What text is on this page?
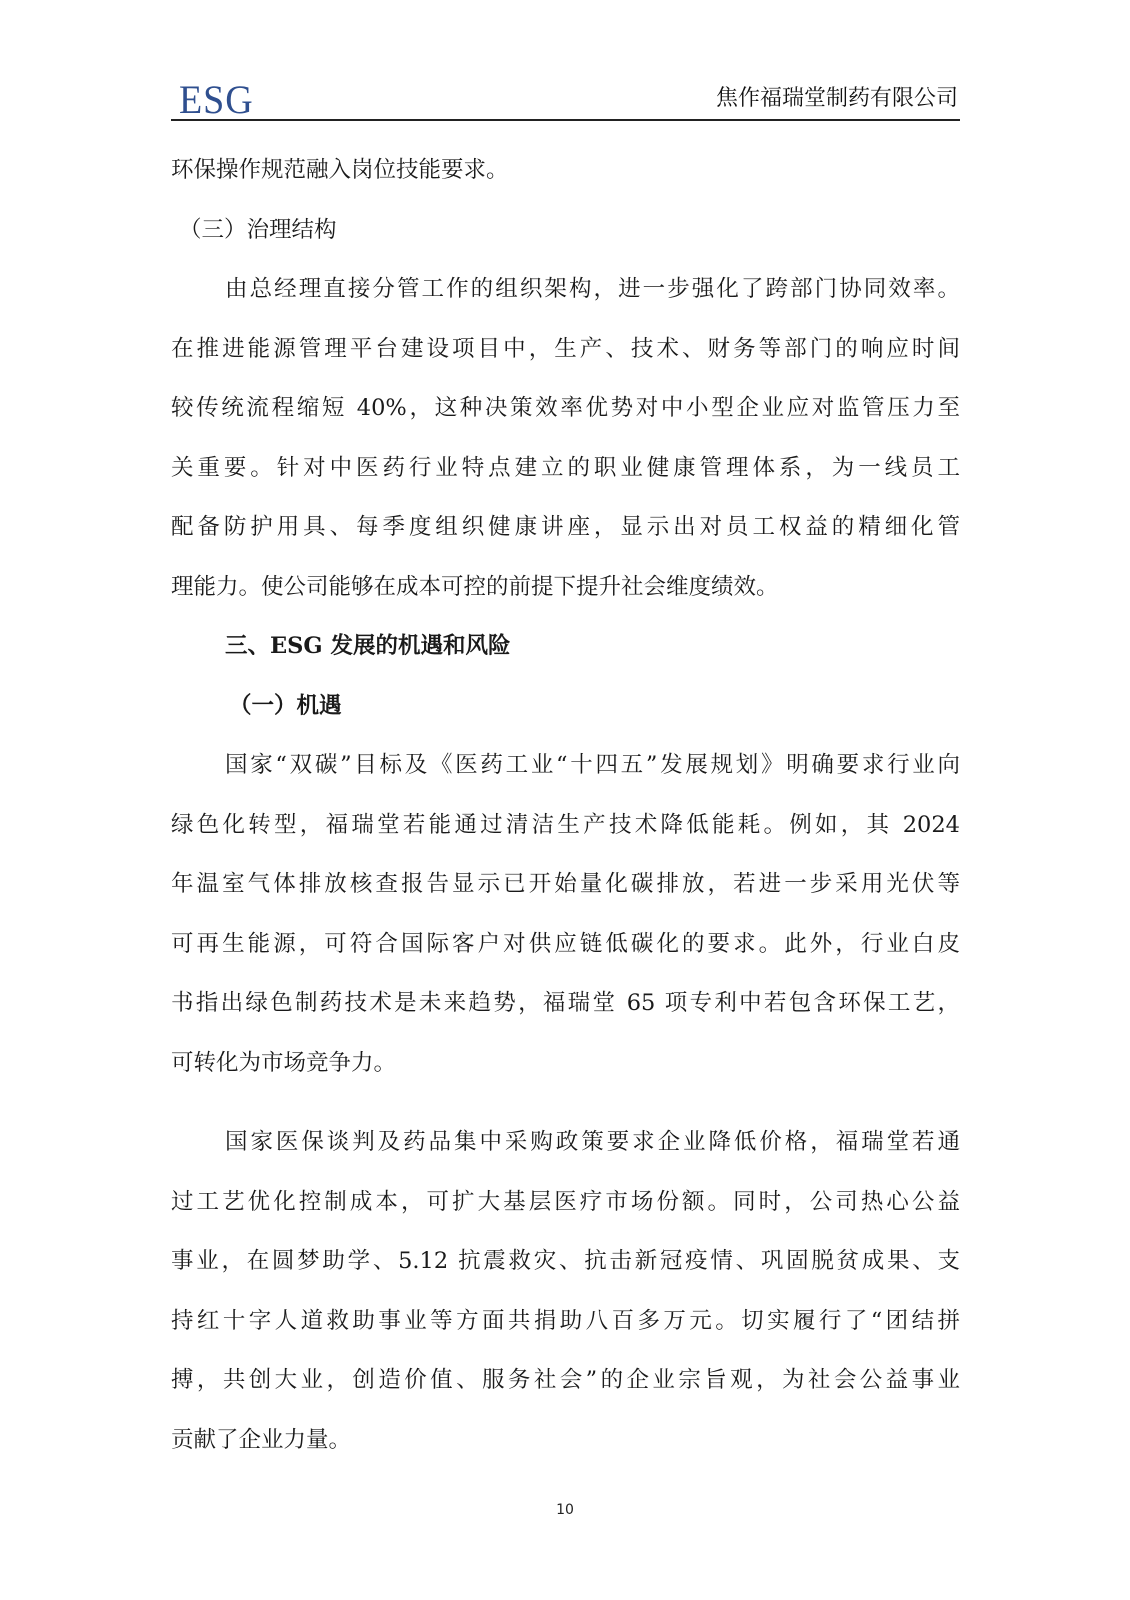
ESG	焦作福瑞堂制药有限公司
环保操作规范融入岗位技能要求。
（三）治理结构
由总经理直接分管工作的组织架构，进一步强化了跨部门协同效率。
在推进能源管理平台建设项目中，生产、技术、财务等部门的响应时间
较传统流程缩短 40%，这种决策效率优势对中小型企业应对监管压力至
关重要。针对中医药行业特点建立的职业健康管理体系，为一线员工
配备防护用具、每季度组织健康讲座，显示出对员工权益的精细化管
理能力。使公司能够在成本可控的前提下提升社会维度绩效。
三、ESG 发展的机遇和风险
（一）机遇
国家“双碳”目标及《医药工业“十四五”发展规划》明确要求行业向
绿色化转型，福瑞堂若能通过清洁生产技术降低能耗。例如，其 2024
年温室气体排放核查报告显示已开始量化碳排放，若进一步采用光伏等
可再生能源，可符合国际客户对供应链低碳化的要求。此外，行业白皮
书指出绿色制药技术是未来趋势，福瑞堂 65 项专利中若包含环保工艺，
可转化为市场竞争力。
国家医保谈判及药品集中采购政策要求企业降低价格，福瑞堂若通
过工艺优化控制成本，可扩大基层医疗市场份额。同时，公司热心公益
事业，在圆梦助学、5.12 抗震救灾、抗击新冠疫情、巩固脱贫成果、支
持红十字人道救助事业等方面共捐助八百多万元。切实履行了“团结拼
搏，共创大业，创造价值、服务社会”的企业宗旨观，为社会公益事业
贡献了企业力量。
10
